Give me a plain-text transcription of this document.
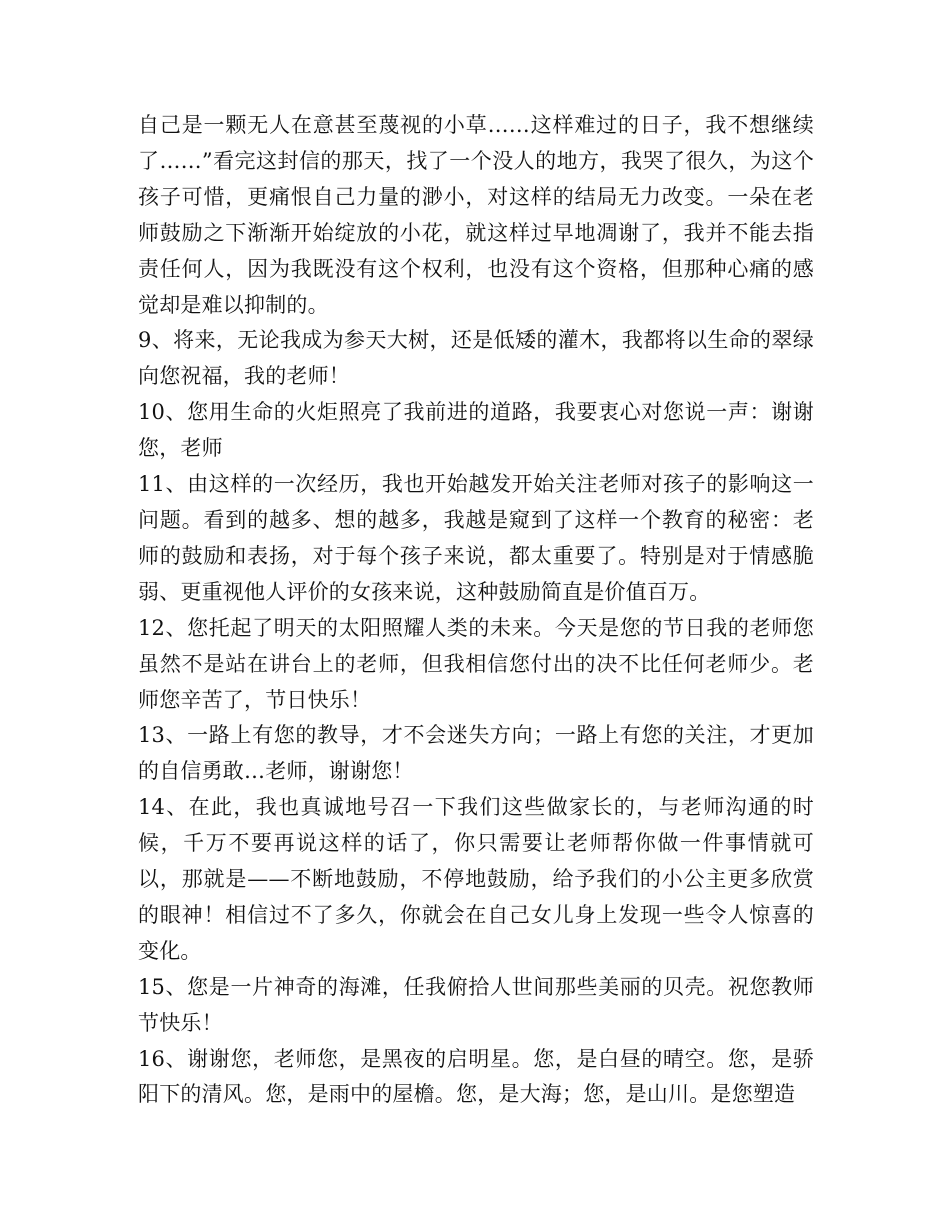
自己是一颗无人在意甚至蔑视的小草……这样难过的日子，我不想继续了……”看完这封信的那天，找了一个没人的地方，我哭了很久，为这个孩子可惜，更痛恨自己力量的渺小，对这样的结局无力改变。一朵在老师鼓励之下渐渐开始绽放的小花，就这样过早地凋谢了，我并不能去指责任何人，因为我既没有这个权利，也没有这个资格，但那种心痛的感觉却是难以抑制的。

9、将来，无论我成为参天大树，还是低矮的灌木，我都将以生命的翠绿向您祝福，我的老师！

10、您用生命的火炬照亮了我前进的道路，我要衷心对您说一声：谢谢您，老师

11、由这样的一次经历，我也开始越发开始关注老师对孩子的影响这一问题。看到的越多、想的越多，我越是窥到了这样一个教育的秘密：老师的鼓励和表扬，对于每个孩子来说，都太重要了。特别是对于情感脆弱、更重视他人评价的女孩来说，这种鼓励简直是价值百万。

12、您托起了明天的太阳照耀人类的未来。今天是您的节日我的老师您虽然不是站在讲台上的老师，但我相信您付出的决不比任何老师少。老师您辛苦了，节日快乐！

13、一路上有您的教导，才不会迷失方向；一路上有您的关注，才更加的自信勇敢…老师，谢谢您！

14、在此，我也真诚地号召一下我们这些做家长的，与老师沟通的时候，千万不要再说这样的话了，你只需要让老师帮你做一件事情就可以，那就是——不断地鼓励，不停地鼓励，给予我们的小公主更多欣赏的眼神！相信过不了多久，你就会在自己女儿身上发现一些令人惊喜的变化。

15、您是一片神奇的海滩，任我俯拾人世间那些美丽的贝壳。祝您教师节快乐！

16、谢谢您，老师您，是黑夜的启明星。您，是白昼的晴空。您，是骄阳下的清风。您，是雨中的屋檐。您，是大海；您，是山川。是您塑造
